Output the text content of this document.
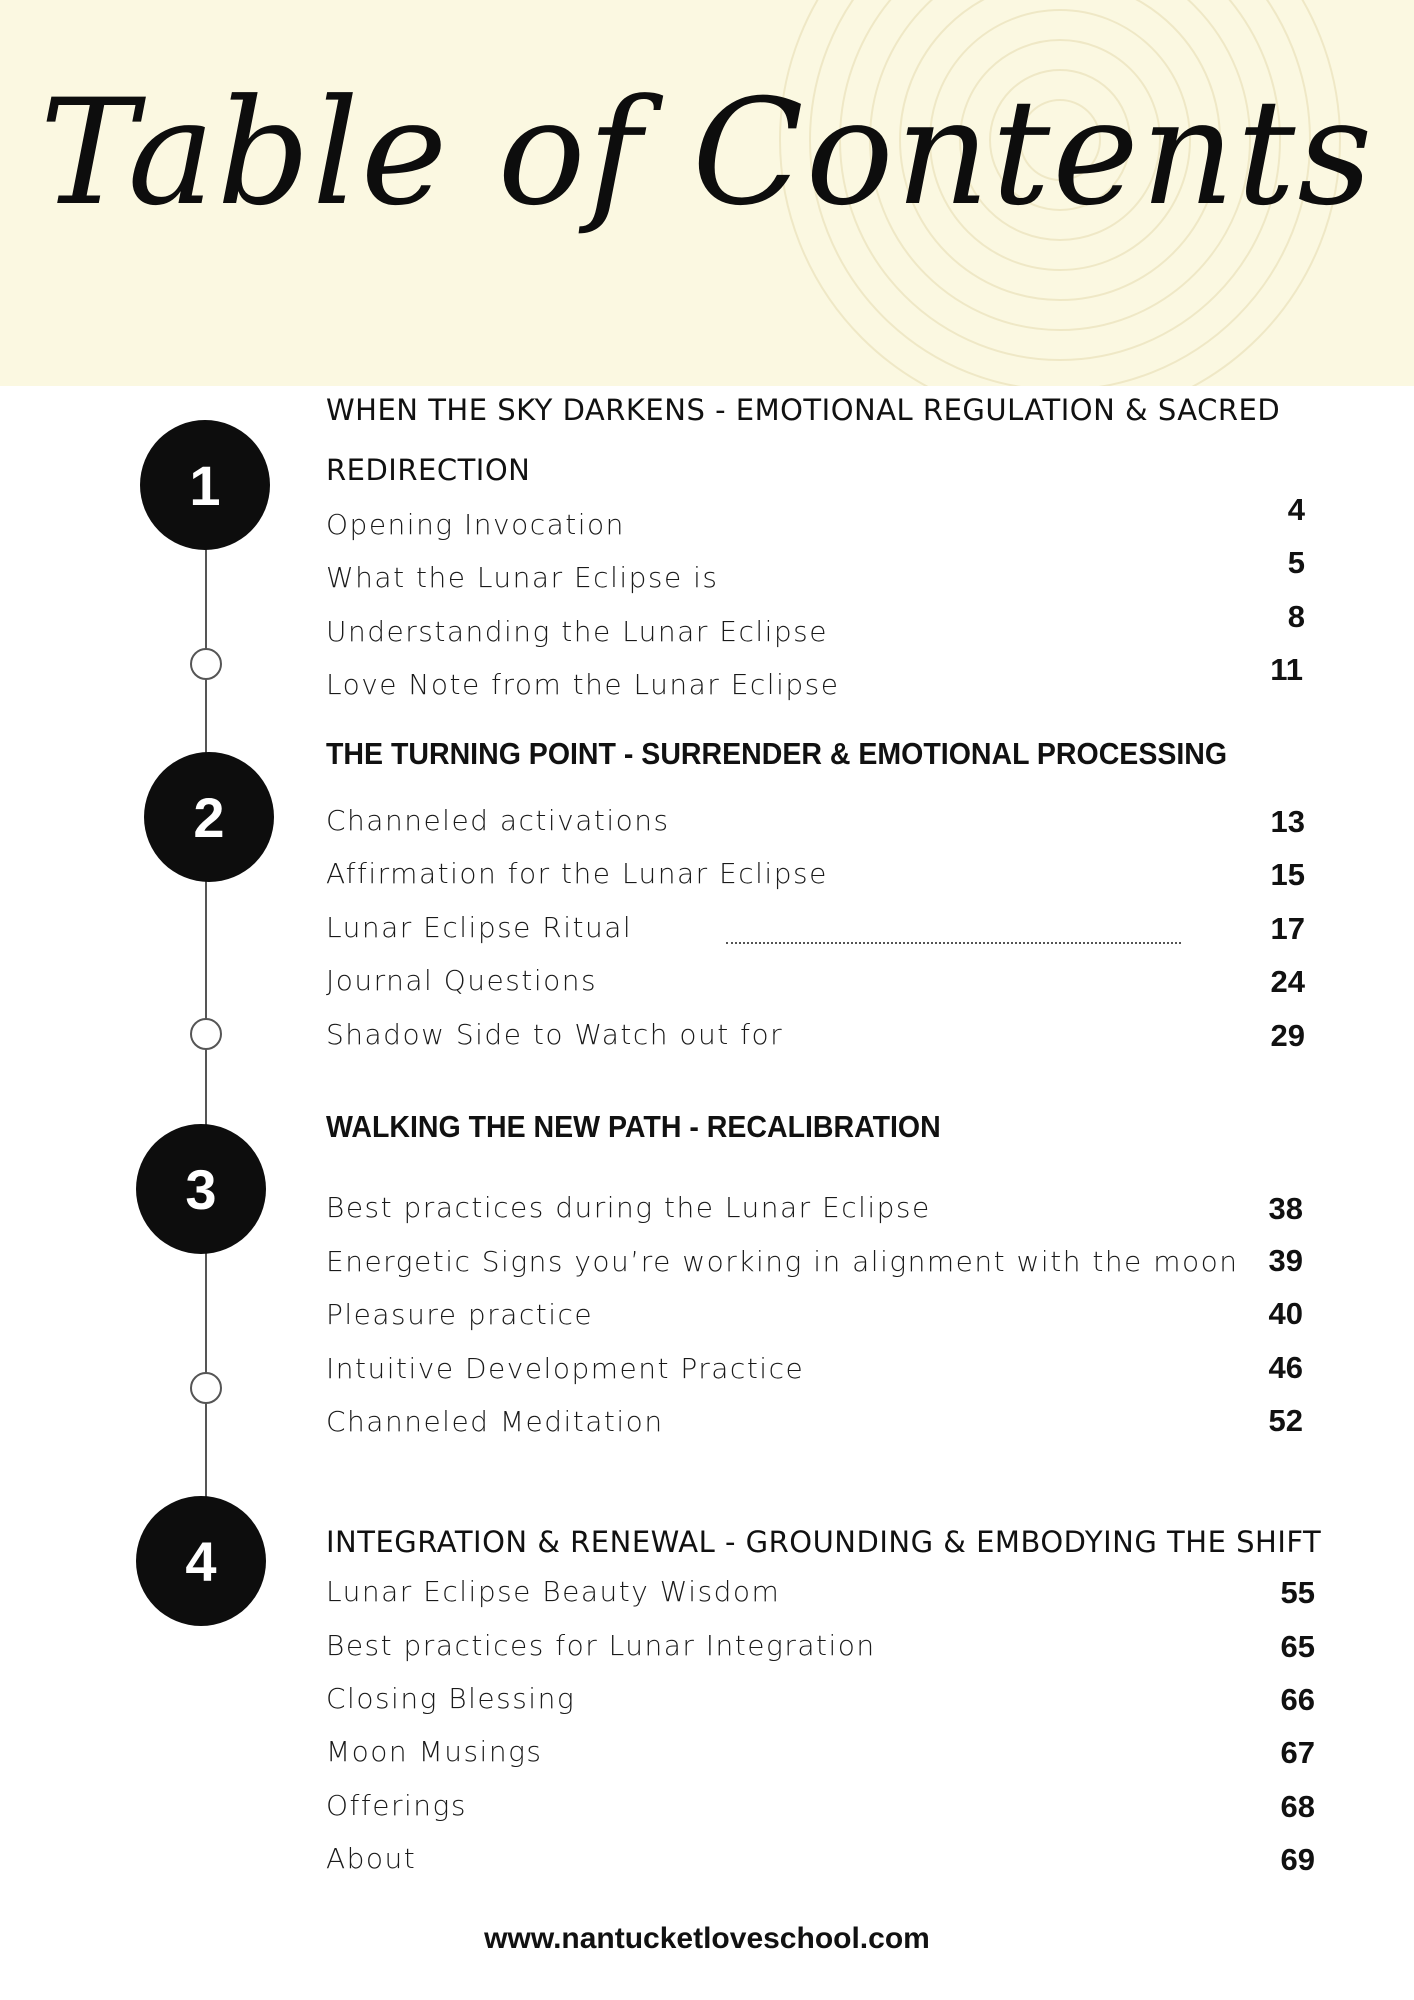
Table of Contents
1
2
3
4
WHEN THE SKY DARKENS - EMOTIONAL REGULATION & SACRED
REDIRECTION
Opening Invocation	4
What the Lunar Eclipse is	5
Understanding the Lunar Eclipse	8
Love Note from the Lunar Eclipse	11
THE TURNING POINT - SURRENDER & EMOTIONAL PROCESSING
Channeled activations	13
Affirmation for the Lunar Eclipse	15
Lunar Eclipse Ritual	17
Journal Questions	24
Shadow Side to Watch out for	29
WALKING THE NEW PATH - RECALIBRATION
Best practices during the Lunar Eclipse	38
Energetic Signs you’re working in alignment with the moon 39
Pleasure practice	40
Intuitive Development Practice	46
Channeled Meditation	52
INTEGRATION & RENEWAL - GROUNDING & EMBODYING THE SHIFT
Lunar Eclipse Beauty Wisdom	55
Best practices for Lunar Integration	65
Closing Blessing	66
Moon Musings	67
Offerings	68
About	69
www.nantucketloveschool.com
